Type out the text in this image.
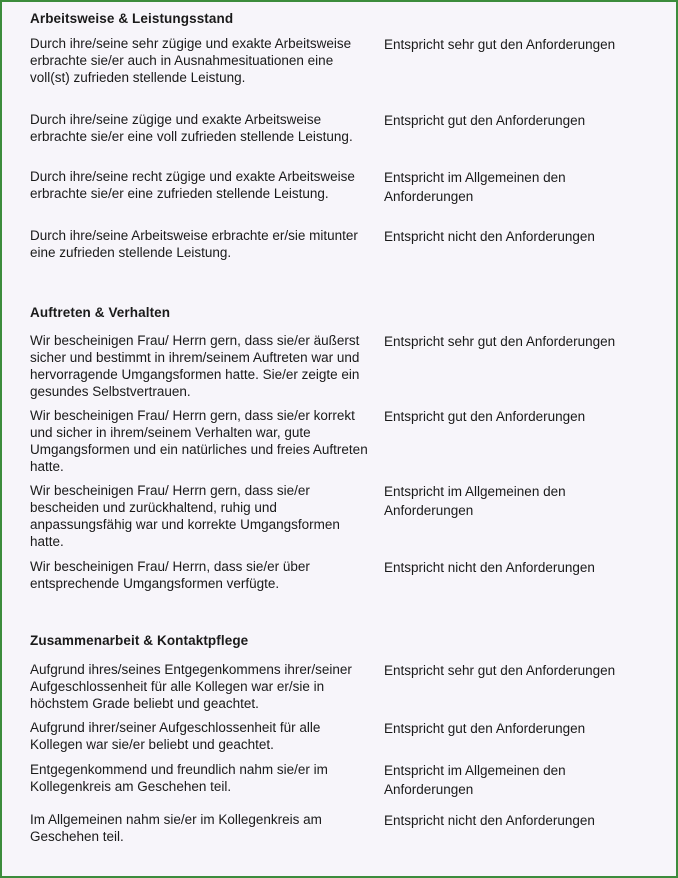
Arbeitsweise & Leistungsstand
Durch ihre/seine sehr zügige und exakte Arbeitsweise erbrachte sie/er auch in Ausnahmesituationen eine voll(st) zufrieden stellende Leistung.
Entspricht sehr gut den Anforderungen
Durch ihre/seine zügige und exakte Arbeitsweise erbrachte sie/er eine voll zufrieden stellende Leistung.
Entspricht gut den Anforderungen
Durch ihre/seine recht zügige und exakte Arbeitsweise erbrachte sie/er eine zufrieden stellende Leistung.
Entspricht im Allgemeinen den Anforderungen
Durch ihre/seine Arbeitsweise erbrachte er/sie mitunter eine zufrieden stellende Leistung.
Entspricht nicht den Anforderungen
Auftreten & Verhalten
Wir bescheinigen Frau/ Herrn gern, dass sie/er äußerst sicher und bestimmt in ihrem/seinem Auftreten war und hervorragende Umgangsformen hatte. Sie/er zeigte ein gesundes Selbstvertrauen.
Entspricht sehr gut den Anforderungen
Wir bescheinigen Frau/ Herrn gern, dass sie/er korrekt und sicher in ihrem/seinem Verhalten war, gute Umgangsformen und ein natürliches und freies Auftreten hatte.
Entspricht gut den Anforderungen
Wir bescheinigen Frau/ Herrn gern, dass sie/er bescheiden und zurückhaltend, ruhig und anpassungsfähig war und korrekte Umgangsformen hatte.
Entspricht im Allgemeinen den Anforderungen
Wir bescheinigen Frau/ Herrn, dass sie/er über entsprechende Umgangsformen verfügte.
Entspricht nicht den Anforderungen
Zusammenarbeit & Kontaktpflege
Aufgrund ihres/seines Entgegenkommens ihrer/seiner Aufgeschlossenheit für alle Kollegen war er/sie in höchstem Grade beliebt und geachtet.
Entspricht sehr gut den Anforderungen
Aufgrund ihrer/seiner Aufgeschlossenheit für alle Kollegen war sie/er beliebt und geachtet.
Entspricht gut den Anforderungen
Entgegenkommend und freundlich nahm sie/er im Kollegenkreis am Geschehen teil.
Entspricht im Allgemeinen den Anforderungen
Im Allgemeinen nahm sie/er im Kollegenkreis am Geschehen teil.
Entspricht nicht den Anforderungen
